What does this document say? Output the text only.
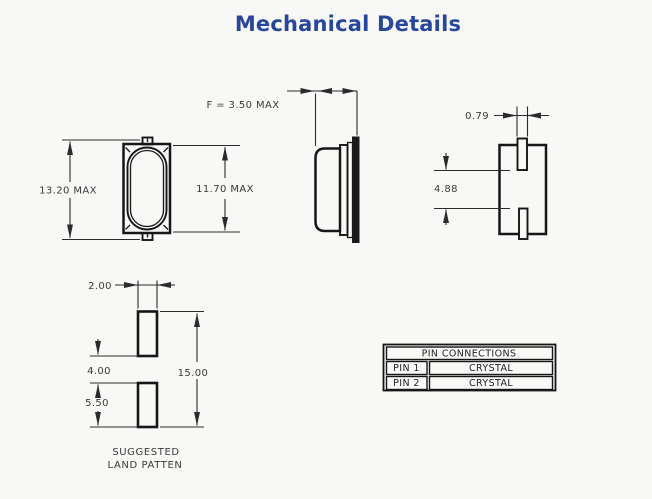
Mechanical Details
13.20 MAX	11.70 MAX
F = 3.50 MAX
0.79
4.88
2.00
4.00
5.50
15.00
SUGGESTED
LAND PATTEN
PIN CONNECTIONS
PIN 1	CRYSTAL
PIN 2	CRYSTAL
